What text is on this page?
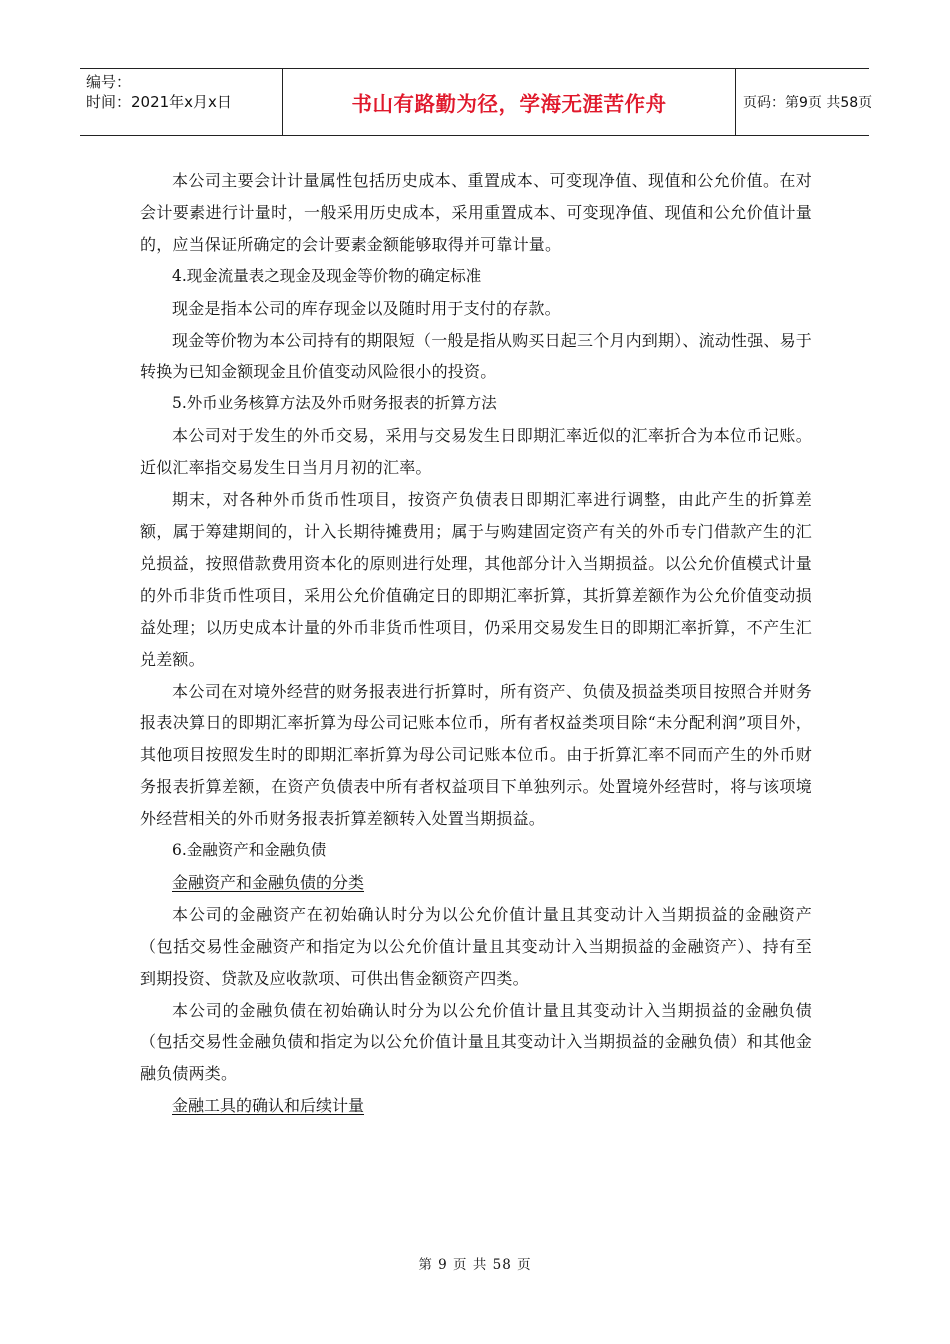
编号：
时间：2021年x月x日	书山有路勤为径，学海无涯苦作舟	页码：第9页 共58页

本公司主要会计计量属性包括历史成本、重置成本、可变现净值、现值和公允价值。在对会计要素进行计量时，一般采用历史成本，采用重置成本、可变现净值、现值和公允价值计量的，应当保证所确定的会计要素金额能够取得并可靠计量。

4.现金流量表之现金及现金等价物的确定标准

现金是指本公司的库存现金以及随时用于支付的存款。

现金等价物为本公司持有的期限短（一般是指从购买日起三个月内到期）、流动性强、易于转换为已知金额现金且价值变动风险很小的投资。

5.外币业务核算方法及外币财务报表的折算方法

本公司对于发生的外币交易，采用与交易发生日即期汇率近似的汇率折合为本位币记账。近似汇率指交易发生日当月月初的汇率。

期末，对各种外币货币性项目，按资产负债表日即期汇率进行调整，由此产生的折算差额，属于筹建期间的，计入长期待摊费用；属于与购建固定资产有关的外币专门借款产生的汇兑损益，按照借款费用资本化的原则进行处理，其他部分计入当期损益。以公允价值模式计量的外币非货币性项目，采用公允价值确定日的即期汇率折算，其折算差额作为公允价值变动损益处理；以历史成本计量的外币非货币性项目，仍采用交易发生日的即期汇率折算，不产生汇兑差额。

本公司在对境外经营的财务报表进行折算时，所有资产、负债及损益类项目按照合并财务报表决算日的即期汇率折算为母公司记账本位币，所有者权益类项目除“未分配利润”项目外，其他项目按照发生时的即期汇率折算为母公司记账本位币。由于折算汇率不同而产生的外币财务报表折算差额，在资产负债表中所有者权益项目下单独列示。处置境外经营时，将与该项境外经营相关的外币财务报表折算差额转入处置当期损益。

6.金融资产和金融负债

金融资产和金融负债的分类

本公司的金融资产在初始确认时分为以公允价值计量且其变动计入当期损益的金融资产（包括交易性金融资产和指定为以公允价值计量且其变动计入当期损益的金融资产）、持有至到期投资、贷款及应收款项、可供出售金额资产四类。

本公司的金融负债在初始确认时分为以公允价值计量且其变动计入当期损益的金融负债（包括交易性金融负债和指定为以公允价值计量且其变动计入当期损益的金融负债）和其他金融负债两类。

金融工具的确认和后续计量

第 9 页 共 58 页
